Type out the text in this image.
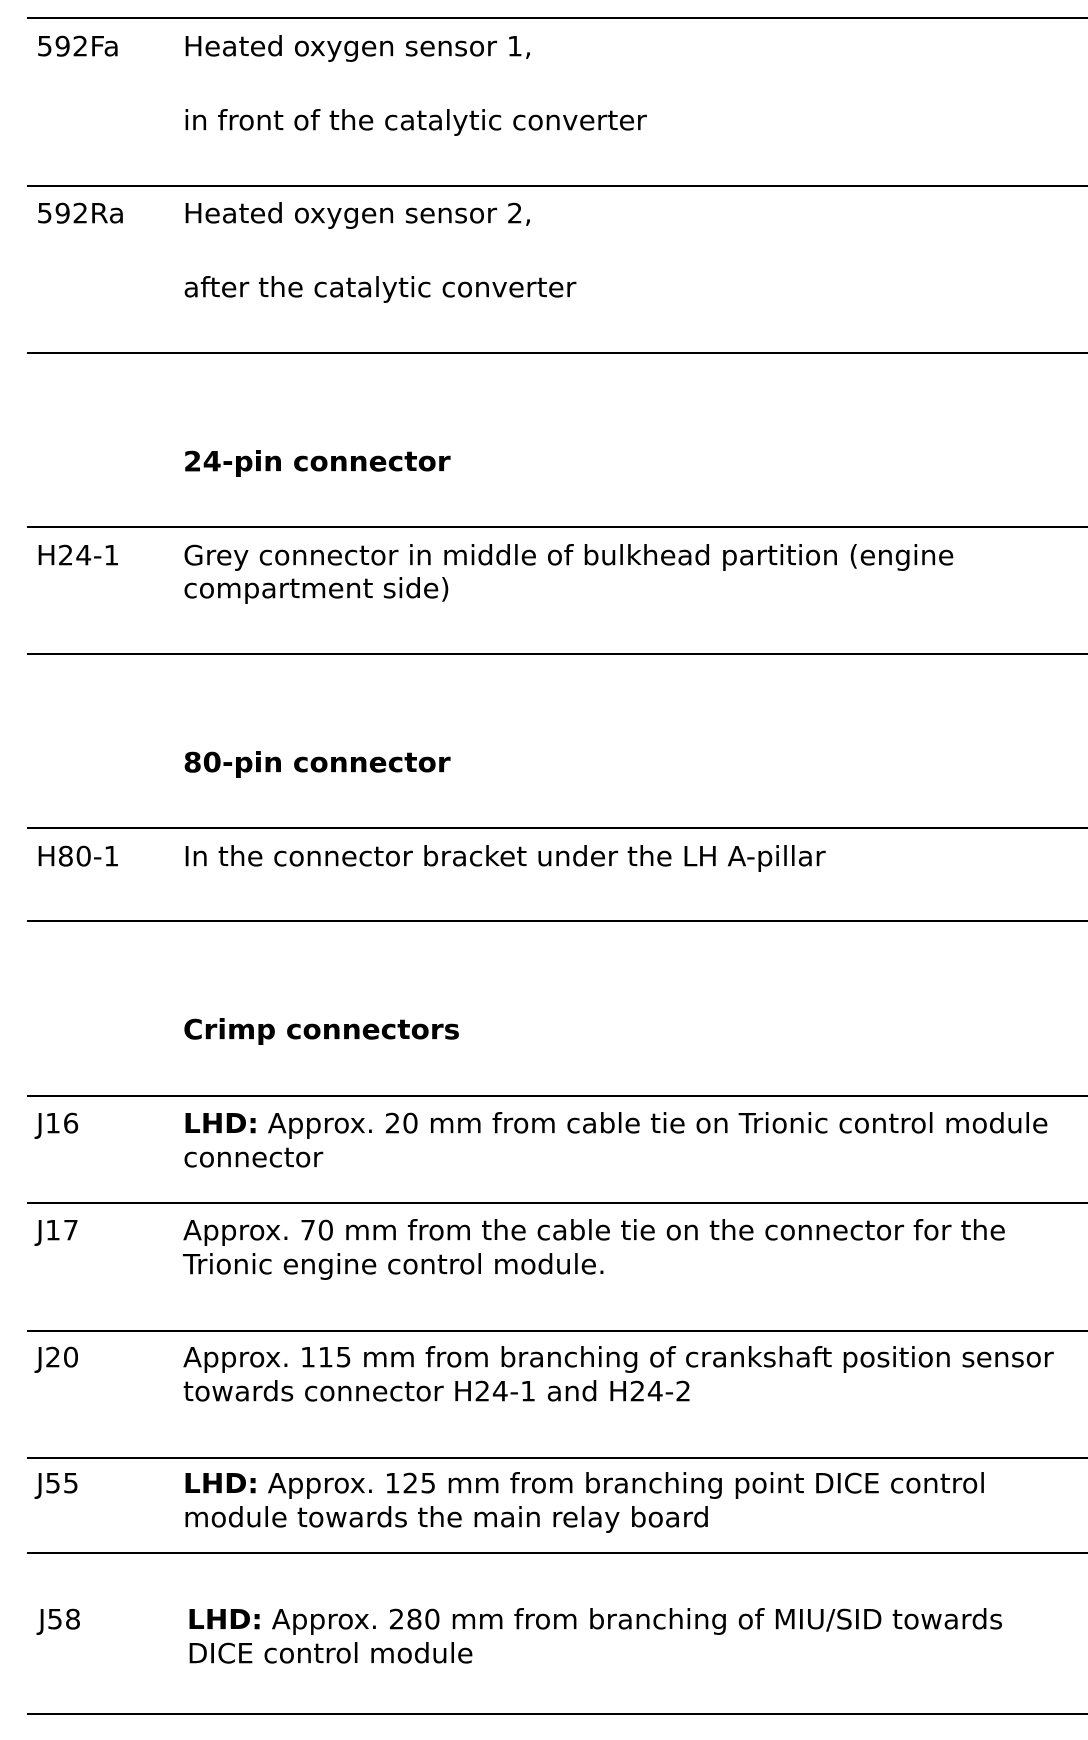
592Fa Heated oxygen sensor 1,
in front of the catalytic converter
592Ra Heated oxygen sensor 2,
after the catalytic converter
24-pin connector
H24-1 Grey connector in middle of bulkhead partition (engine
compartment side)
80-pin connector
H80-1 In the connector bracket under the LH A-pillar
Crimp connectors
J16	LHD: Approx. 20 mm from cable tie on Trionic control module
connector
J17	Approx. 70 mm from the cable tie on the connector for the
Trionic engine control module.
J20	Approx. 115 mm from branching of crankshaft position sensor
towards connector H24-1 and H24-2
J55	LHD: Approx. 125 mm from branching point DICE control
module towards the main relay board
J58	LHD: Approx. 280 mm from branching of MIU/SID towards
DICE control module
